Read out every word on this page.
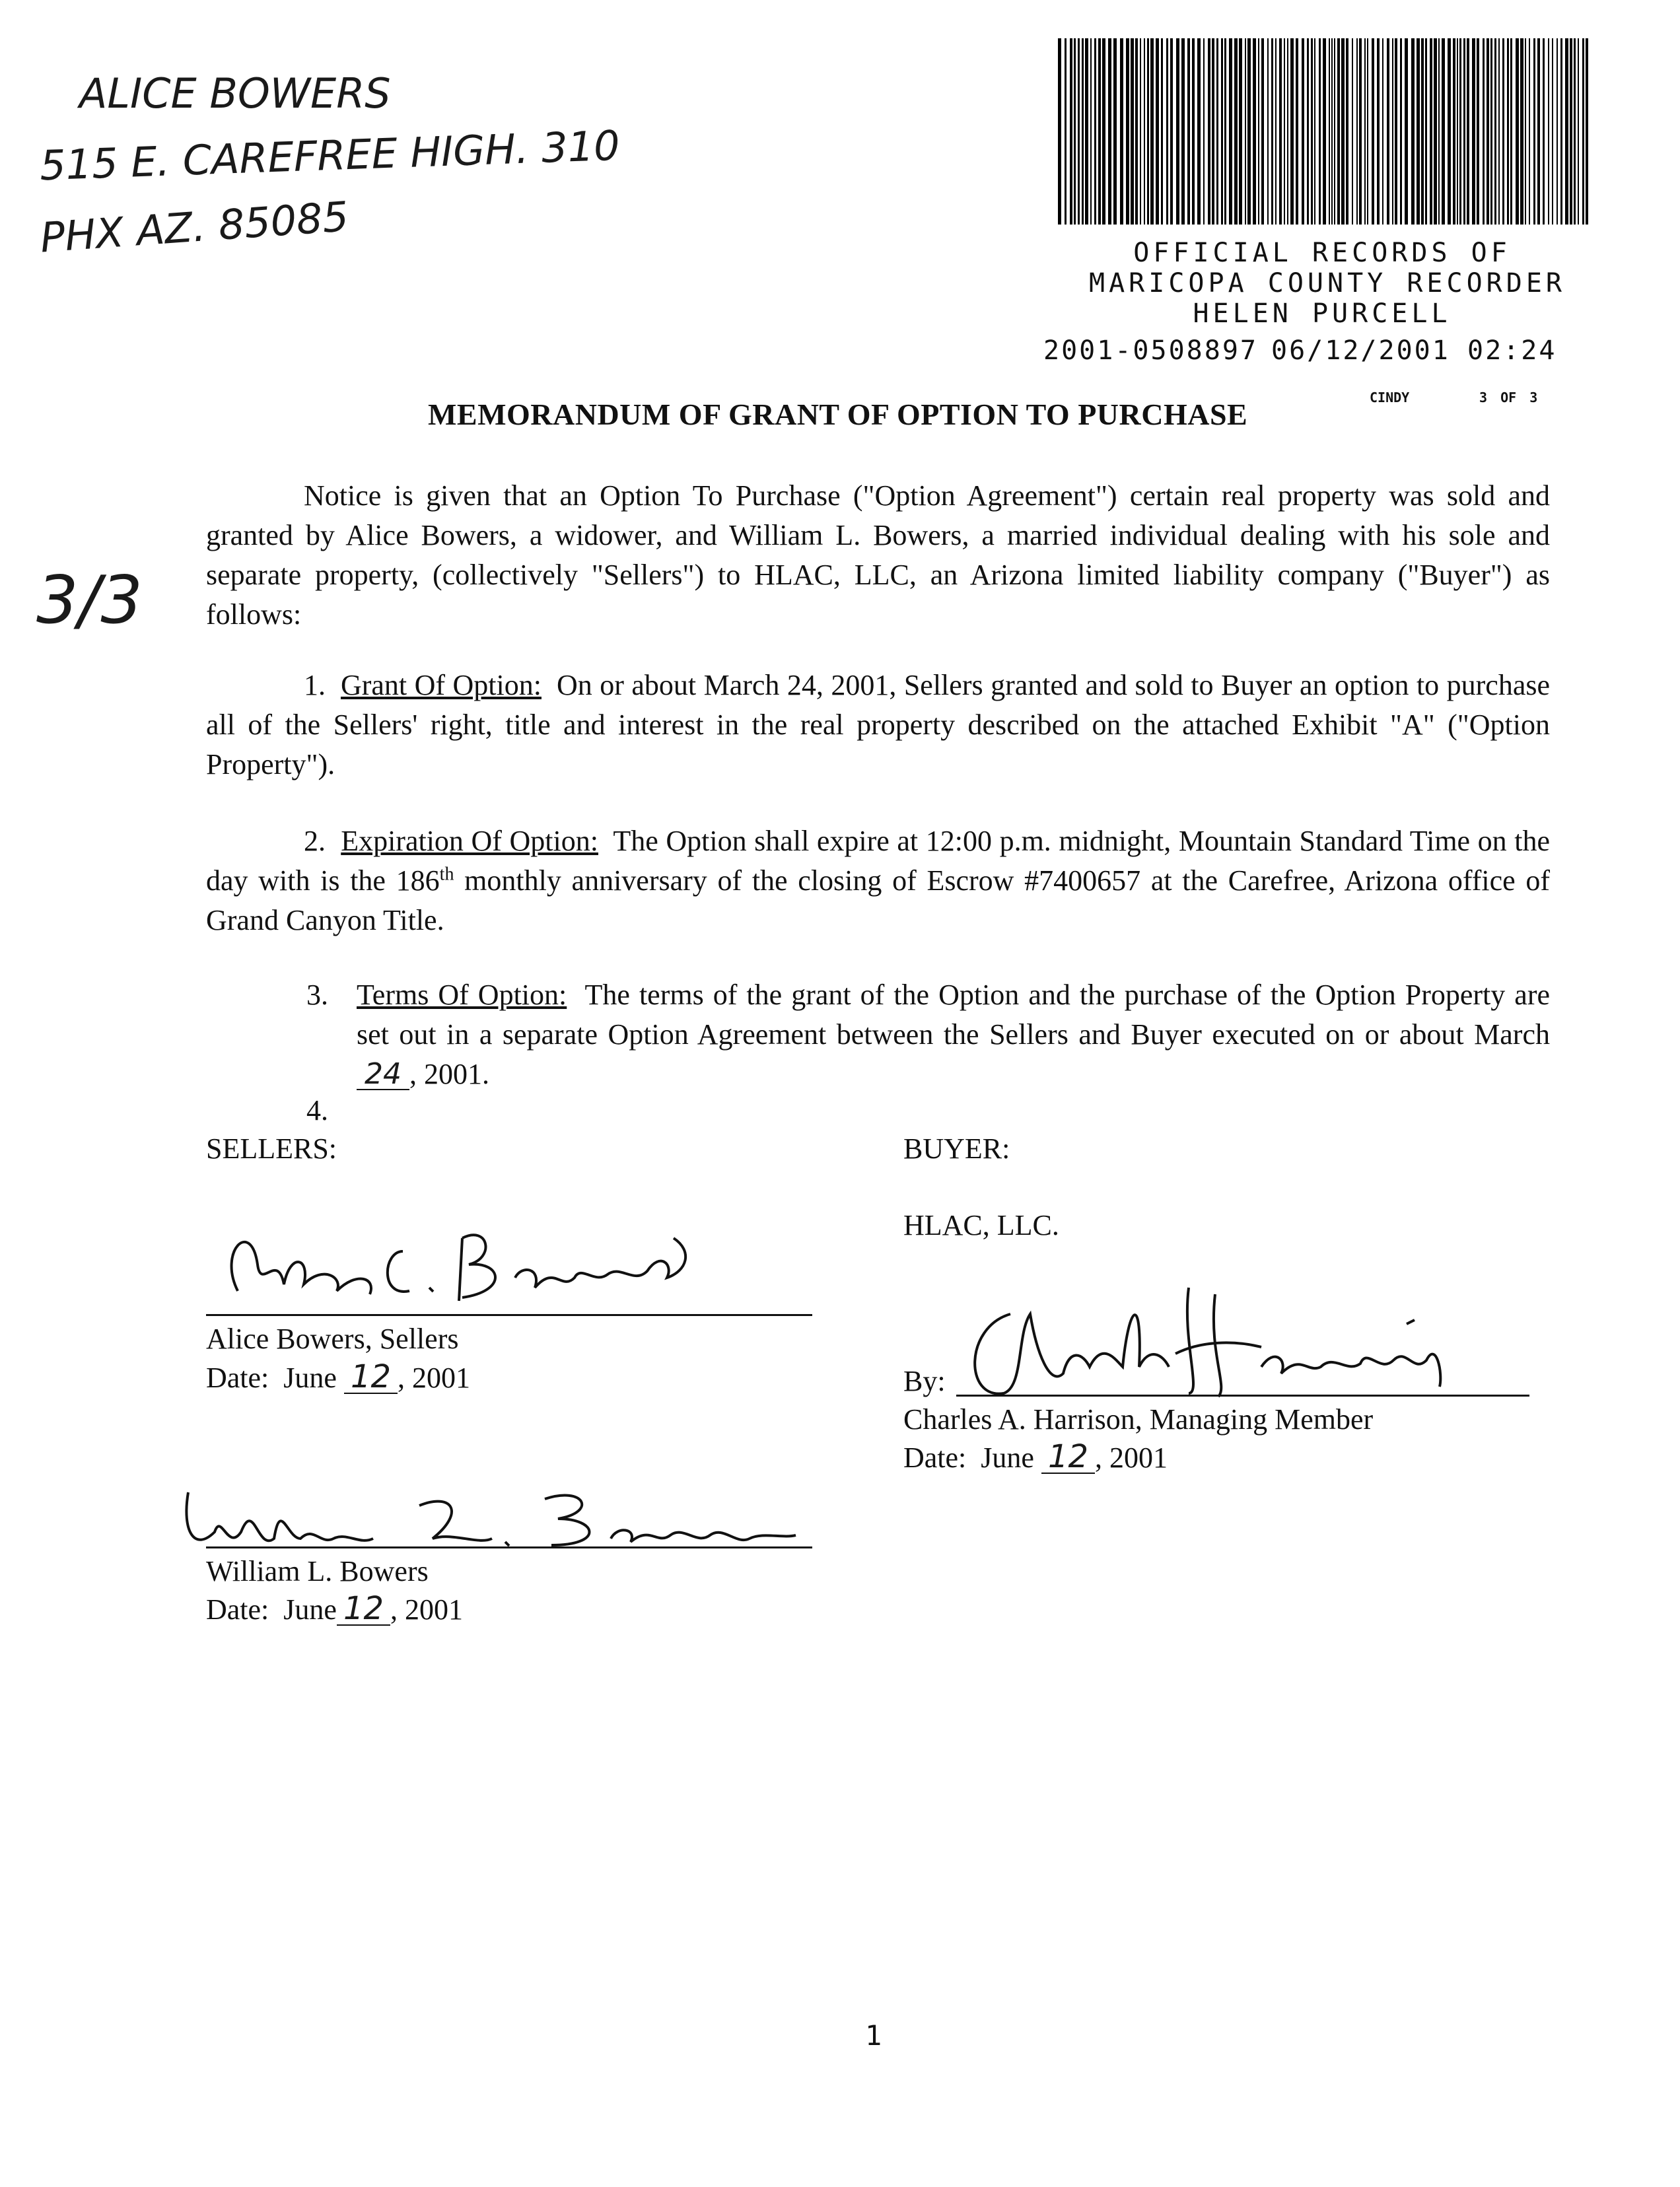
ALICE BOWERS
515 E. CAREFREE HIGH. 310
PHX AZ. 85085
3/3
OFFICIAL RECORDS OF
MARICOPA COUNTY RECORDER
HELEN PURCELL
2001-0508897 06/12/2001 02:24
CINDY	3 OF 3
MEMORANDUM OF GRANT OF OPTION TO PURCHASE
Notice is given that an Option To Purchase ("Option Agreement") certain real property was sold and granted by Alice Bowers, a widower, and William L. Bowers, a married individual dealing with his sole and separate property, (collectively "Sellers") to HLAC, LLC, an Arizona limited liability company ("Buyer") as follows:
1. Grant Of Option: On or about March 24, 2001, Sellers granted and sold to Buyer an option to purchase all of the Sellers' right, title and interest in the real property described on the attached Exhibit "A" ("Option Property").
2. Expiration Of Option: The Option shall expire at 12:00 p.m. midnight, Mountain Standard Time on the day with is the 186th monthly anniversary of the closing of Escrow #7400657 at the Carefree, Arizona office of Grand Canyon Title.
3. Terms Of Option: The terms of the grant of the Option and the purchase of the Option Property are set out in a separate Option Agreement between the Sellers and Buyer executed on or about March 24 , 2001.
4.
SELLERS:	BUYER:
HLAC, LLC.
Alice Bowers, Sellers
Date:  June 12 , 2001
William L. Bowers
Date:  June 12 , 2001
By:
Charles A. Harrison, Managing Member
Date:  June 12 , 2001
1
